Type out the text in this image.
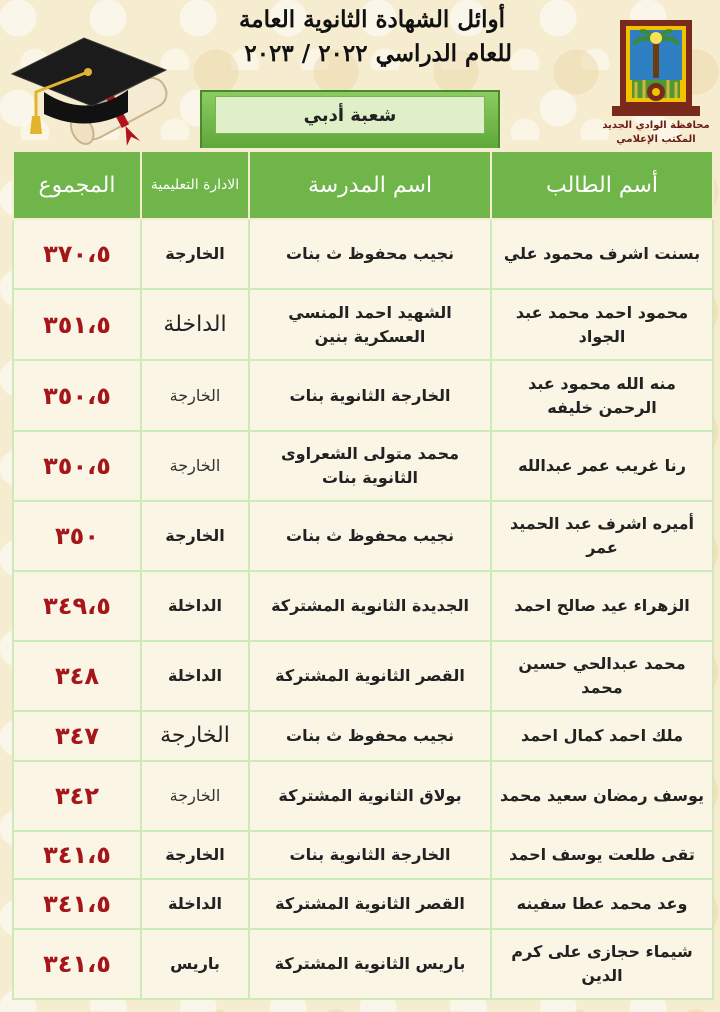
أوائل الشهادة الثانوية العامة
للعام الدراسي ٢٠٢٢ / ٢٠٢٣
محافظة الوادي الجديد
المكتب الإعلامي
شعبة أدبي
أسم الطالب	اسم المدرسة	الادارة التعليمية	المجموع
بسنت اشرف محمود علي	نجيب محفوظ ث بنات	الخارجة	٣٧٠،٥
محمود احمد محمد عبد الجواد	الشهيد احمد المنسي العسكرية بنين	الداخلة	٣٥١،٥
منه الله محمود عبد الرحمن خليفه	الخارجة الثانوية بنات	الخارجة	٣٥٠،٥
رنا غريب عمر عبدالله	محمد متولى الشعراوى الثانوية بنات	الخارجة	٣٥٠،٥
أميره اشرف عبد الحميد عمر	نجيب محفوظ ث بنات	الخارجة	٣٥٠
الزهراء عيد صالح احمد	الجديدة الثانوية المشتركة	الداخلة	٣٤٩،٥
محمد عبدالحي حسين محمد	القصر الثانوية المشتركة	الداخلة	٣٤٨
ملك احمد كمال احمد	نجيب محفوظ ث بنات	الخارجة	٣٤٧
يوسف رمضان سعيد محمد	بولاق الثانوية المشتركة	الخارجة	٣٤٢
تقى طلعت يوسف احمد	الخارجة الثانوية بنات	الخارجة	٣٤١،٥
وعد محمد عطا سفينه	القصر الثانوية المشتركة	الداخلة	٣٤١،٥
شيماء حجازى على كرم الدين	باريس الثانوية المشتركة	باريس	٣٤١،٥
